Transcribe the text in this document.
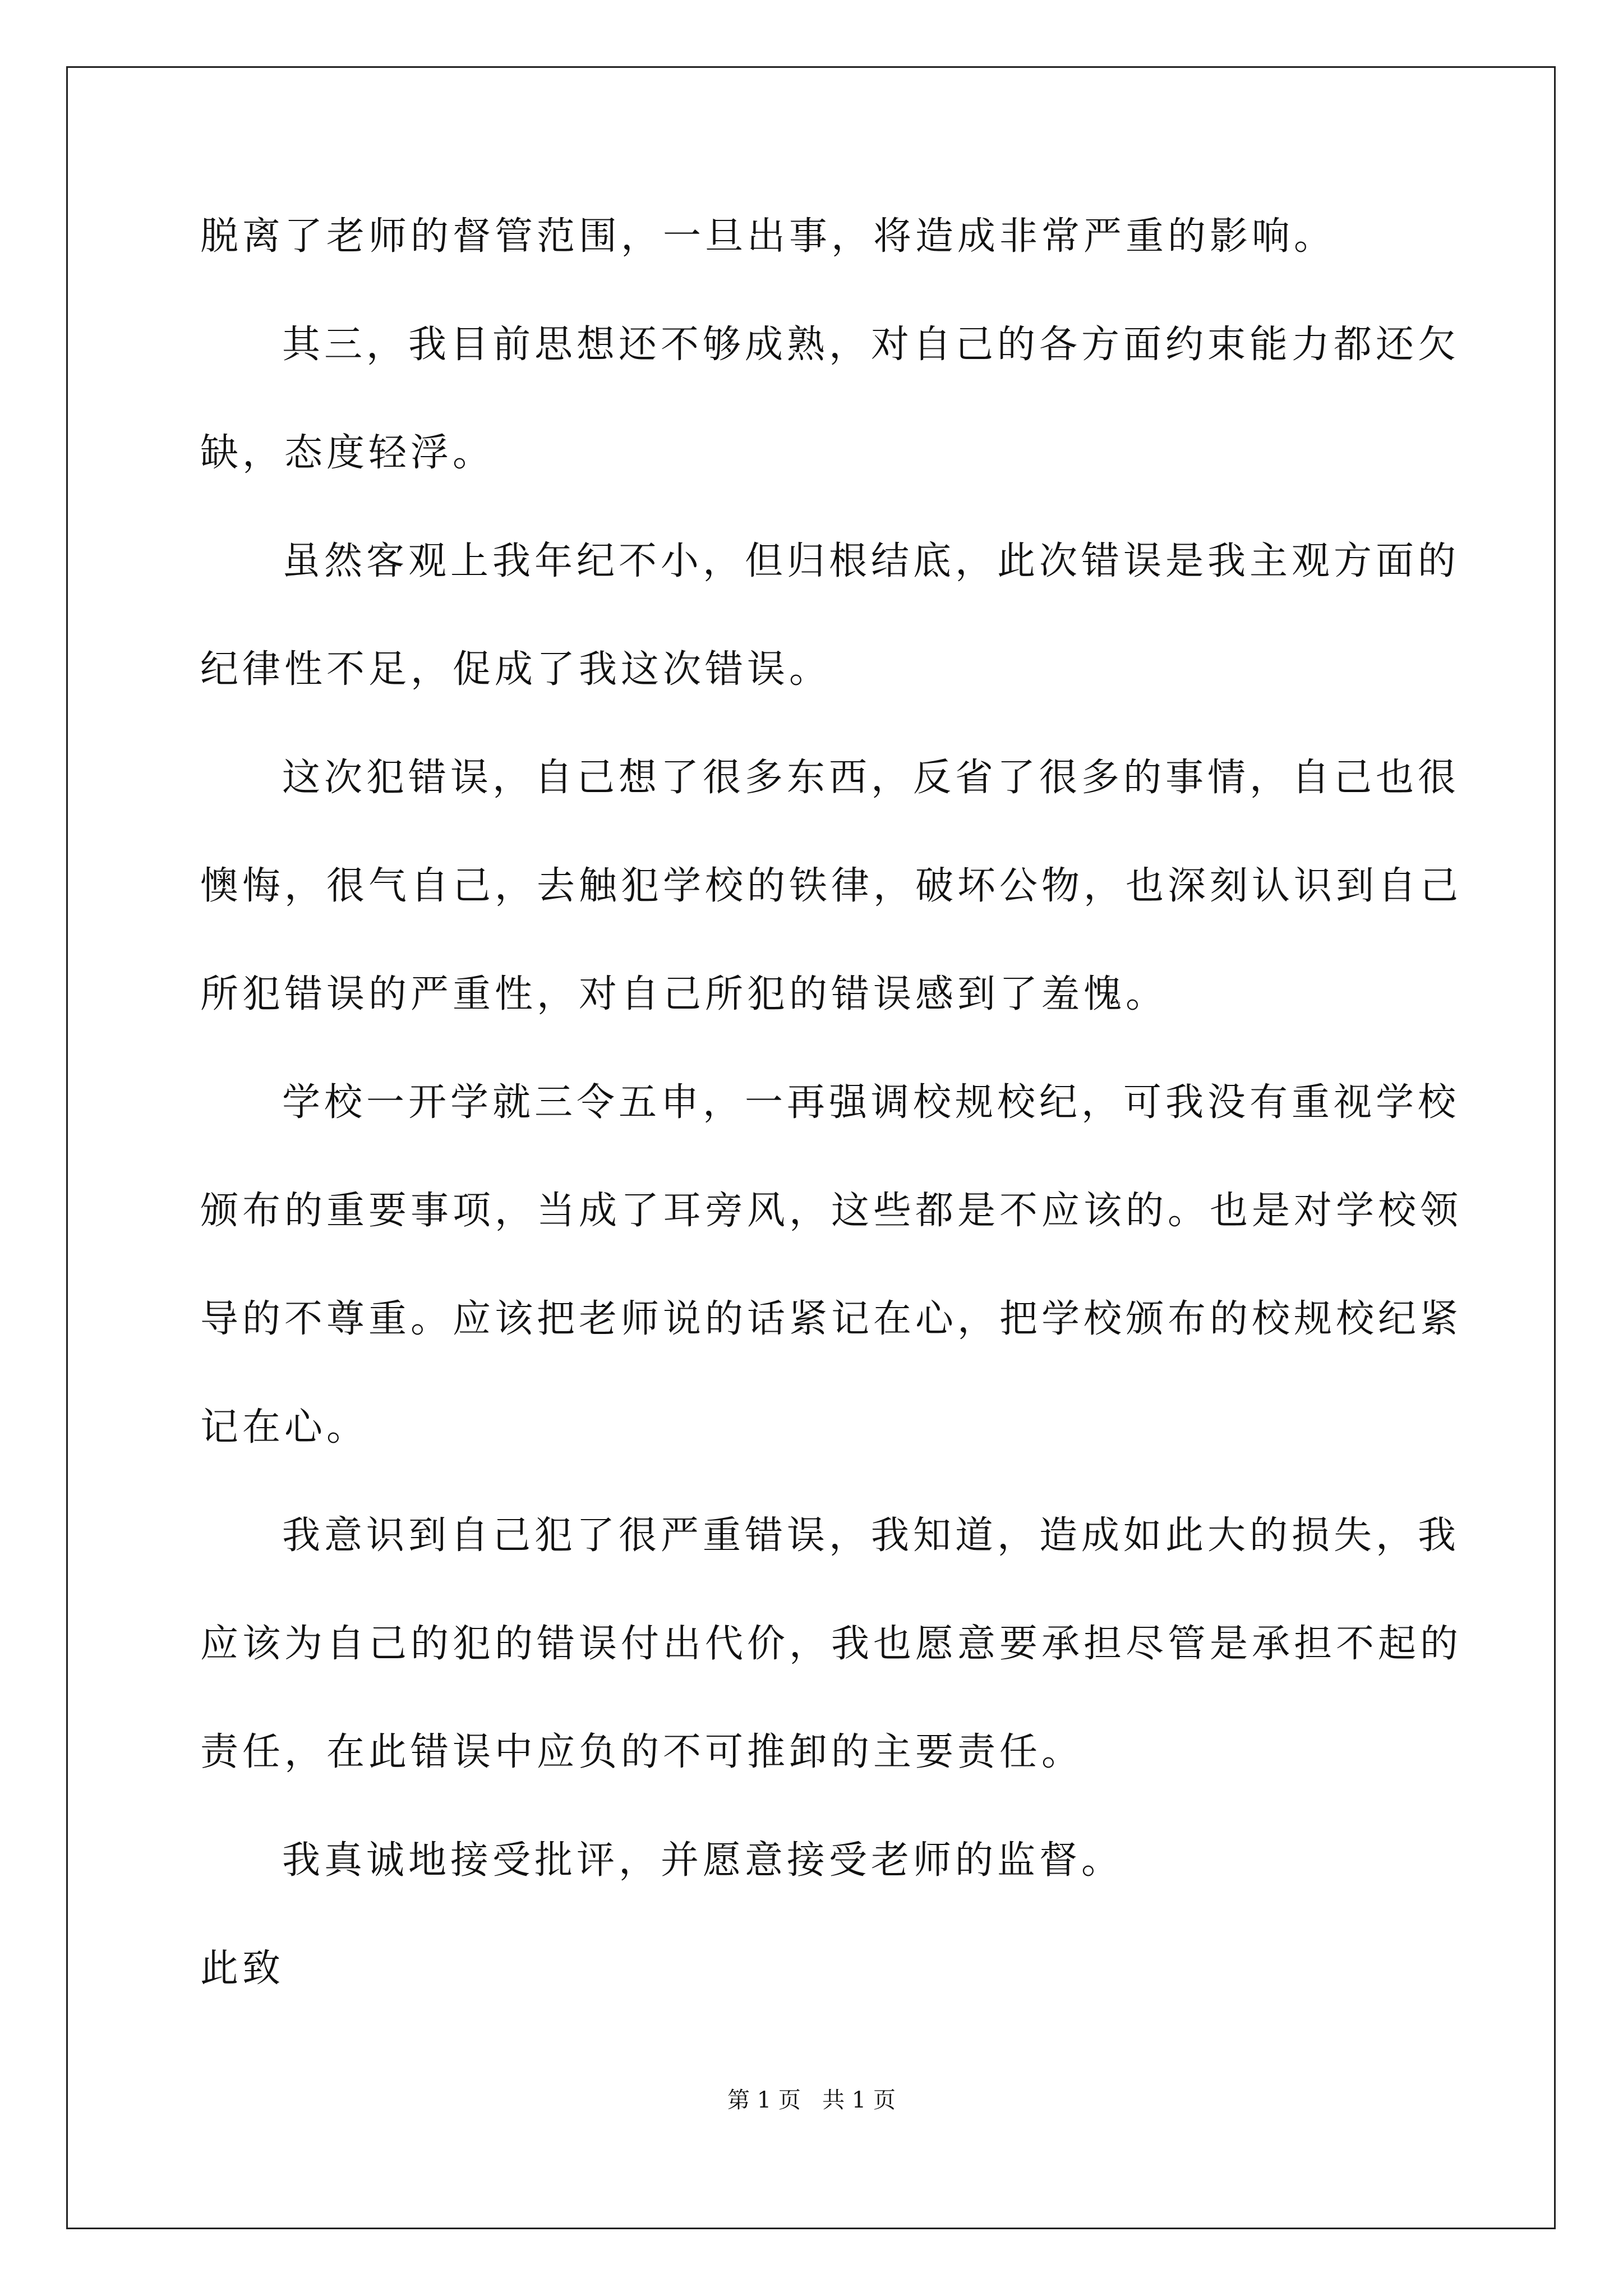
脱离了老师的督管范围，一旦出事，将造成非常严重的影响。
其三，我目前思想还不够成熟，对自己的各方面约束能力都还欠
缺，态度轻浮。
虽然客观上我年纪不小，但归根结底，此次错误是我主观方面的
纪律性不足，促成了我这次错误。
这次犯错误，自己想了很多东西，反省了很多的事情，自己也很
懊悔，很气自己，去触犯学校的铁律，破坏公物，也深刻认识到自己
所犯错误的严重性，对自己所犯的错误感到了羞愧。
学校一开学就三令五申，一再强调校规校纪，可我没有重视学校
颁布的重要事项，当成了耳旁风，这些都是不应该的。也是对学校领
导的不尊重。应该把老师说的话紧记在心，把学校颁布的校规校纪紧
记在心。
我意识到自己犯了很严重错误，我知道，造成如此大的损失，我
应该为自己的犯的错误付出代价，我也愿意要承担尽管是承担不起的
责任，在此错误中应负的不可推卸的主要责任。
我真诚地接受批评，并愿意接受老师的监督。
此致
第 1 页   共 1 页
